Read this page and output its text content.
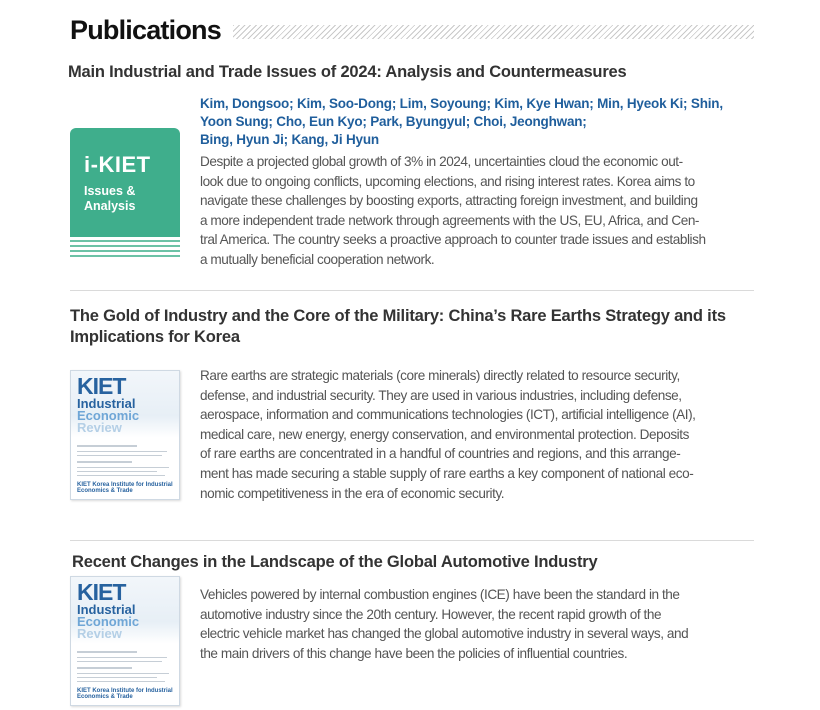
Publications
Main Industrial and Trade Issues of 2024: Analysis and Countermeasures
i-KIET
Issues &
Analysis
Kim, Dongsoo; Kim, Soo-Dong; Lim, Soyoung; Kim, Kye Hwan; Min, Hyeok Ki; Shin,
Yoon Sung; Cho, Eun Kyo; Park, Byungyul; Choi, Jeonghwan;
Bing, Hyun Ji; Kang, Ji Hyun
Despite a projected global growth of 3% in 2024, uncertainties cloud the economic out-
look due to ongoing conflicts, upcoming elections, and rising interest rates. Korea aims to
navigate these challenges by boosting exports, attracting foreign investment, and building
a more independent trade network through agreements with the US, EU, Africa, and Cen-
tral America. The country seeks a proactive approach to counter trade issues and establish
a mutually beneficial cooperation network.
The Gold of Industry and the Core of the Military: China’s Rare Earths Strategy and its
Implications for Korea
KIET
Industrial
Economic
Review
KIET Korea Institute for Industrial Economics & Trade
Rare earths are strategic materials (core minerals) directly related to resource security,
defense, and industrial security. They are used in various industries, including defense,
aerospace, information and communications technologies (ICT), artificial intelligence (AI),
medical care, new energy, energy conservation, and environmental protection. Deposits
of rare earths are concentrated in a handful of countries and regions, and this arrange-
ment has made securing a stable supply of rare earths a key component of national eco-
nomic competitiveness in the era of economic security.
Recent Changes in the Landscape of the Global Automotive Industry
KIET
Industrial
Economic
Review
KIET Korea Institute for Industrial Economics & Trade
Vehicles powered by internal combustion engines (ICE) have been the standard in the
automotive industry since the 20th century. However, the recent rapid growth of the
electric vehicle market has changed the global automotive industry in several ways, and
the main drivers of this change have been the policies of influential countries.
